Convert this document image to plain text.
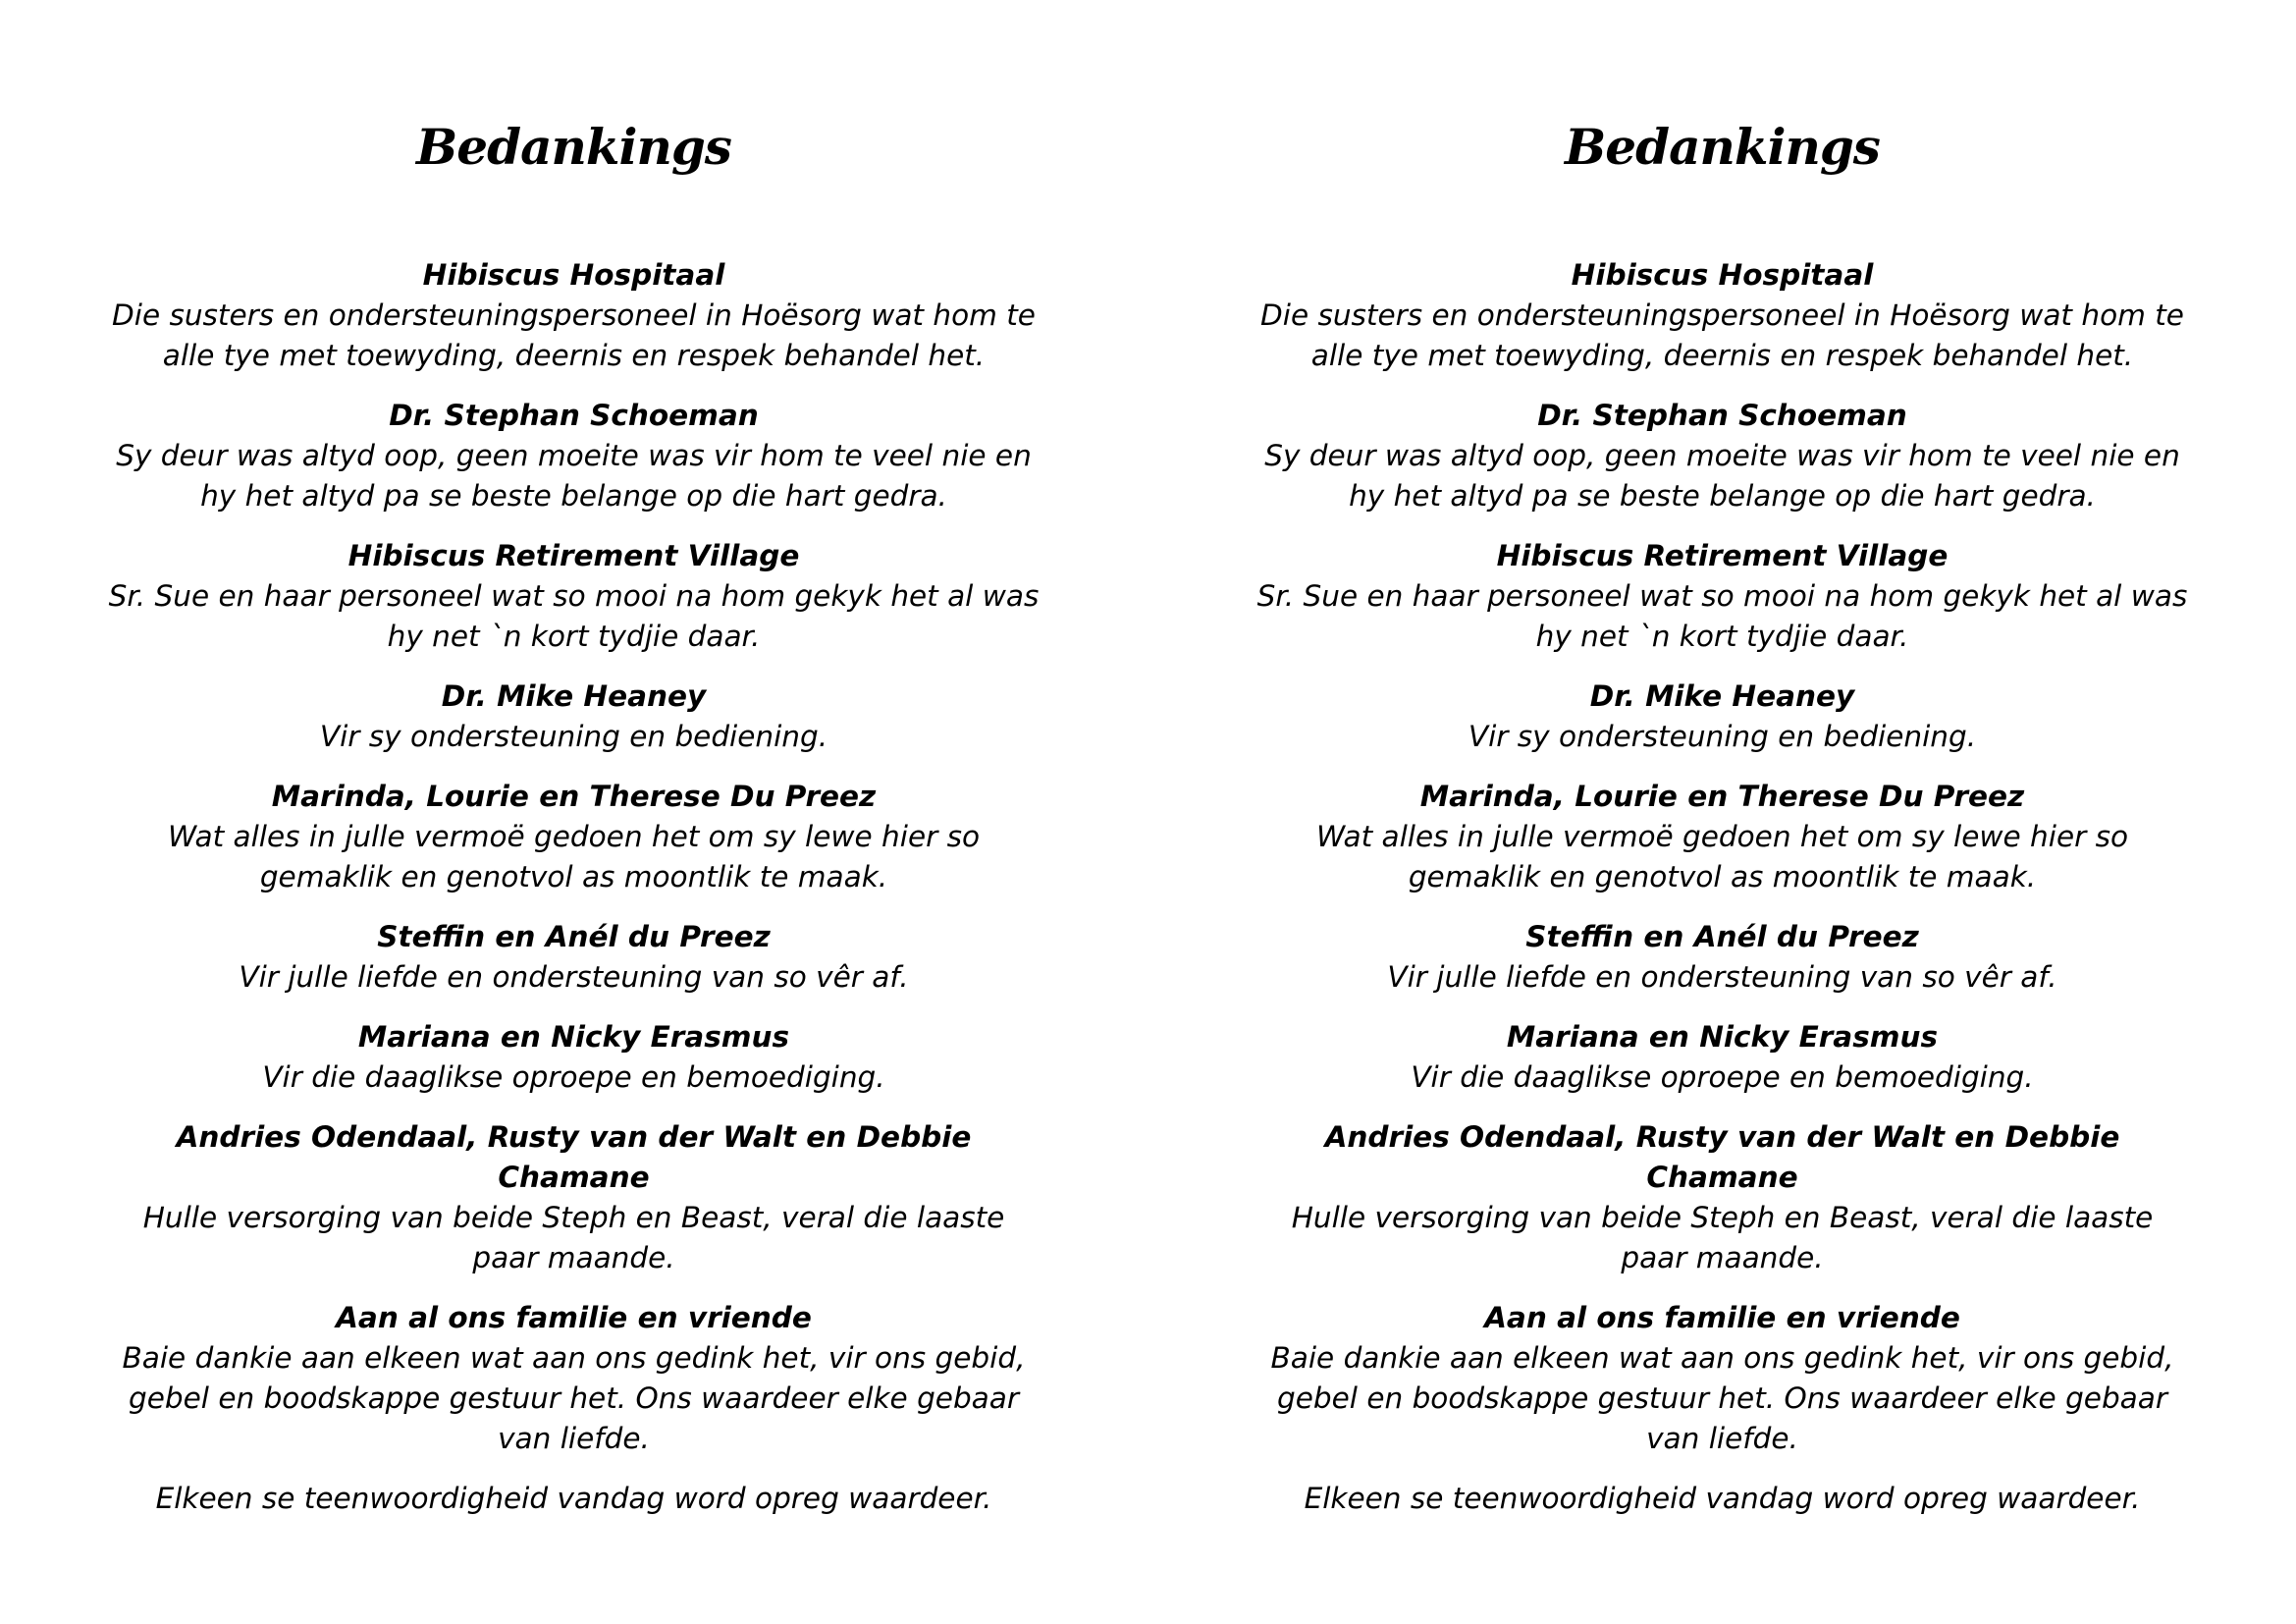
Bedankings

Hibiscus Hospitaal
Die susters en ondersteuningspersoneel in Hoësorg wat hom te alle tye met toewyding, deernis en respek behandel het.

Dr. Stephan Schoeman
Sy deur was altyd oop, geen moeite was vir hom te veel nie en hy het altyd pa se beste belange op die hart gedra.

Hibiscus Retirement Village
Sr. Sue en haar personeel wat so mooi na hom gekyk het al was hy net `n kort tydjie daar.

Dr. Mike Heaney
Vir sy ondersteuning en bediening.

Marinda, Lourie en Therese Du Preez
Wat alles in julle vermoë gedoen het om sy lewe hier so gemaklik en genotvol as moontlik te maak.

Steffin en Anél du Preez
Vir julle liefde en ondersteuning van so vêr af.

Mariana en Nicky Erasmus
Vir die daaglikse oproepe en bemoediging.

Andries Odendaal, Rusty van der Walt en Debbie Chamane
Hulle versorging van beide Steph en Beast, veral die laaste paar maande.

Aan al ons familie en vriende
Baie dankie aan elkeen wat aan ons gedink het, vir ons gebid, gebel en boodskappe gestuur het. Ons waardeer elke gebaar van liefde.

Elkeen se teenwoordigheid vandag word opreg waardeer.

Bedankings

Hibiscus Hospitaal
Die susters en ondersteuningspersoneel in Hoësorg wat hom te alle tye met toewyding, deernis en respek behandel het.

Dr. Stephan Schoeman
Sy deur was altyd oop, geen moeite was vir hom te veel nie en hy het altyd pa se beste belange op die hart gedra.

Hibiscus Retirement Village
Sr. Sue en haar personeel wat so mooi na hom gekyk het al was hy net `n kort tydjie daar.

Dr. Mike Heaney
Vir sy ondersteuning en bediening.

Marinda, Lourie en Therese Du Preez
Wat alles in julle vermoë gedoen het om sy lewe hier so gemaklik en genotvol as moontlik te maak.

Steffin en Anél du Preez
Vir julle liefde en ondersteuning van so vêr af.

Mariana en Nicky Erasmus
Vir die daaglikse oproepe en bemoediging.

Andries Odendaal, Rusty van der Walt en Debbie Chamane
Hulle versorging van beide Steph en Beast, veral die laaste paar maande.

Aan al ons familie en vriende
Baie dankie aan elkeen wat aan ons gedink het, vir ons gebid, gebel en boodskappe gestuur het. Ons waardeer elke gebaar van liefde.

Elkeen se teenwoordigheid vandag word opreg waardeer.
